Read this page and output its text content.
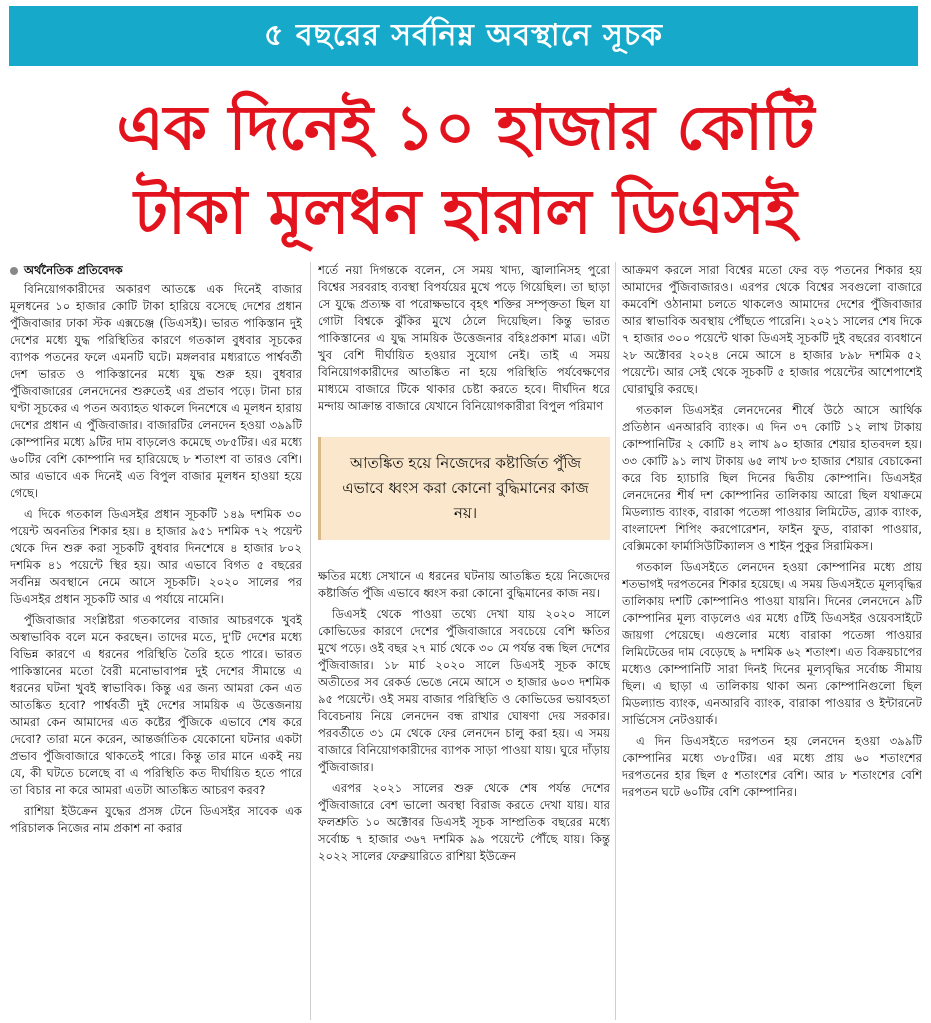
৫ বছরের সর্বনিম্ন অবস্থানে সূচক
এক দিনেই ১০ হাজার কোটি
টাকা মূলধন হারাল ডিএসই
অর্থনৈতিক প্রতিবেদক

বিনিয়োগকারীদের অকারণ আতঙ্কে এক দিনেই বাজার মূলধনের ১০ হাজার কোটি টাকা হারিয়ে বসেছে দেশের প্রধান পুঁজিবাজার ঢাকা স্টক এক্সচেঞ্জ (ডিএসই)। ভারত পাকিস্তান দুই দেশের মধ্যে যুদ্ধ পরিস্থিতির কারণে গতকাল বুধবার সূচকের ব্যাপক পতনের ফলে এমনটি ঘটে। মঙ্গলবার মধ্যরাতে পার্শ্ববর্তী দেশ ভারত ও পাকিস্তানের মধ্যে যুদ্ধ শুরু হয়। বুধবার পুঁজিবাজারের লেনদেনের শুরুতেই এর প্রভাব পড়ে। টানা চার ঘণ্টা সূচকের এ পতন অব্যাহত থাকলে দিনশেষে এ মূলধন হারায় দেশের প্রধান এ পুঁজিবাজার। বাজারটির লেনদেন হওয়া ৩৯৯টি কোম্পানির মধ্যে ৯টির দাম বাড়লেও কমেছে ৩৮৫টির। এর মধ্যে ৬০টির বেশি কোম্পানি দর হারিয়েছে ৮ শতাংশ বা তারও বেশি। আর এভাবে এক দিনেই এত বিপুল বাজার মূলধন হাওয়া হয়ে গেছে।

এ দিকে গতকাল ডিএসইর প্রধান সূচকটি ১৪৯ দশমিক ৩০ পয়েন্ট অবনতির শিকার হয়। ৪ হাজার ৯৫১ দশমিক ৭২ পয়েন্ট থেকে দিন শুরু করা সূচকটি বুধবার দিনশেষে ৪ হাজার ৮০২ দশমিক ৪১ পয়েন্টে স্থির হয়। আর এভাবে বিগত ৫ বছরের সর্বনিম্ন অবস্থানে নেমে আসে সূচকটি। ২০২০ সালের পর ডিএসইর প্রধান সূচকটি আর এ পর্যায়ে নামেনি।

পুঁজিবাজার সংশ্লিষ্টরা গতকালের বাজার আচরণকে খুবই অস্বাভাবিক বলে মনে করছেন। তাদের মতে, দু'টি দেশের মধ্যে বিভিন্ন কারণে এ ধরনের পরিস্থিতি তৈরি হতে পারে। ভারত পাকিস্তানের মতো বৈরী মনোভাবাপন্ন দুই দেশের সীমান্তে এ ধরনের ঘটনা খুবই স্বাভাবিক। কিন্তু এর জন্য আমরা কেন এত আতঙ্কিত হবো? পার্শ্ববর্তী দুই দেশের সাময়িক এ উত্তেজনায় আমরা কেন আমাদের এত কষ্টের পুঁজিকে এভাবে শেষ করে দেবো? তারা মনে করেন, আন্তর্জাতিক যেকোনো ঘটনার একটা প্রভাব পুঁজিবাজারে থাকতেই পারে। কিন্তু তার মানে একই নয় যে, কী ঘটতে চলেছে বা এ পরিস্থিতি কত দীর্ঘায়িত হতে পারে তা বিচার না করে আমরা এতটা আতঙ্কিত আচরণ করব?

রাশিয়া ইউক্রেন যুদ্ধের প্রসঙ্গ টেনে ডিএসইর সাবেক এক পরিচালক নিজের নাম প্রকাশ না করার

শর্তে নয়া দিগন্তকে বলেন, সে সময় খাদ্য, জ্বালানিসহ পুরো বিশ্বের সরবরাহ ব্যবস্থা বিপর্যয়ের মুখে পড়ে গিয়েছিল। তা ছাড়া সে যুদ্ধে প্রত্যক্ষ বা পরোক্ষভাবে বৃহৎ শক্তির সম্পৃক্ততা ছিল যা গোটা বিশ্বকে ঝুঁকির মুখে ঠেলে দিয়েছিল। কিন্তু ভারত পাকিস্তানের এ যুদ্ধ সাময়িক উত্তেজনার বহিঃপ্রকাশ মাত্র। এটা খুব বেশি দীর্ঘায়িত হওয়ার সুযোগ নেই। তাই এ সময় বিনিয়োগকারীদের আতঙ্কিত না হয়ে পরিস্থিতি পর্যবেক্ষণের মাধ্যমে বাজারে টিকে থাকার চেষ্টা করতে হবে। দীর্ঘদিন ধরে মন্দায় আক্রান্ত বাজারে যেখানে বিনিয়োগকারীরা বিপুল পরিমাণ

আতঙ্কিত হয়ে নিজেদের কষ্টার্জিত পুঁজি এভাবে ধ্বংস করা কোনো বুদ্ধিমানের কাজ নয়।

ক্ষতির মধ্যে সেখানে এ ধরনের ঘটনায় আতঙ্কিত হয়ে নিজেদের কষ্টার্জিত পুঁজি এভাবে ধ্বংস করা কোনো বুদ্ধিমানের কাজ নয়।

ডিএসই থেকে পাওয়া তথ্যে দেখা যায় ২০২০ সালে কোভিডের কারণে দেশের পুঁজিবাজারে সবচেয়ে বেশি ক্ষতির মুখে পড়ে। ওই বছর ২৭ মার্চ থেকে ৩০ মে পর্যন্ত বন্ধ ছিল দেশের পুঁজিবাজার। ১৮ মার্চ ২০২০ সালে ডিএসই সূচক কাছে অতীতের সব রেকর্ড ভেঙে নেমে আসে ৩ হাজার ৬০৩ দশমিক ৯৫ পয়েন্টে। ওই সময় বাজার পরিস্থিতি ও কোভিডের ভয়াবহতা বিবেচনায় নিয়ে লেনদেন বন্ধ রাখার ঘোষণা দেয় সরকার। পরবর্তীতে ৩১ মে থেকে ফের লেনদেন চালু করা হয়। এ সময় বাজারে বিনিয়োগকারীদের ব্যাপক সাড়া পাওয়া যায়। ঘুরে দাঁড়ায় পুঁজিবাজার।

এরপর ২০২১ সালের শুরু থেকে শেষ পর্যন্ত দেশের পুঁজিবাজারে বেশ ভালো অবস্থা বিরাজ করতে দেখা যায়। যার ফলশ্রুতি ১০ অক্টোবর ডিএসই সূচক সাম্প্রতিক বছরের মধ্যে সর্বোচ্চ ৭ হাজার ৩৬৭ দশমিক ৯৯ পয়েন্টে পৌঁছে যায়। কিন্তু ২০২২ সালের ফেব্রুয়ারিতে রাশিয়া ইউক্রেন

আক্রমণ করলে সারা বিশ্বের মতো ফের বড় পতনের শিকার হয় আমাদের পুঁজিবাজারও। এরপর থেকে বিশ্বের সবগুলো বাজারে কমবেশি ওঠানামা চলতে থাকলেও আমাদের দেশের পুঁজিবাজার আর স্বাভাবিক অবস্থায় পৌঁছতে পারেনি। ২০২১ সালের শেষ দিকে ৭ হাজার ৩০০ পয়েন্টে থাকা ডিএসই সূচকটি দুই বছরের ব্যবধানে ২৮ অক্টোবর ২০২৪ নেমে আসে ৪ হাজার ৮৯৮ দশমিক ৫২ পয়েন্টে। আর সেই থেকে সূচকটি ৫ হাজার পয়েন্টের আশেপাশেই ঘোরাঘুরি করছে।

গতকাল ডিএসইর লেনদেনের শীর্ষে উঠে আসে আর্থিক প্রতিষ্ঠান এনআরবি ব্যাংক। এ দিন ৩৭ কোটি ১২ লাখ টাকায় কোম্পানিটির ২ কোটি ৪২ লাখ ৯০ হাজার শেয়ার হাতবদল হয়। ৩৩ কোটি ৯১ লাখ টাকায় ৬৫ লাখ ৮৩ হাজার শেয়ার বেচাকেনা করে বিচ হ্যাচারি ছিল দিনের দ্বিতীয় কোম্পানি। ডিএসইর লেনদেনের শীর্ষ দশ কোম্পানির তালিকায় আরো ছিল যথাক্রমে মিডল্যান্ড ব্যাংক, বারাকা পতেঙ্গা পাওয়ার লিমিটেড, ব্র্যাক ব্যাংক, বাংলাদেশ শিপিং করপোরেশন, ফাইন ফুড, বারাকা পাওয়ার, বেক্সিমকো ফার্মাসিউটিক্যালস ও শাইন পুকুর সিরামিকস।

গতকাল ডিএসইতে লেনদেন হওয়া কোম্পানির মধ্যে প্রায় শতভাগই দরপতনের শিকার হয়েছে। এ সময় ডিএসইতে মূল্যবৃদ্ধির তালিকায় দশটি কোম্পানিও পাওয়া যায়নি। দিনের লেনদেনে ৯টি কোম্পানির মূল্য বাড়লেও এর মধ্যে ৫টিই ডিএসইর ওয়েবসাইটে জায়গা পেয়েছে। এগুলোর মধ্যে বারাকা পতেঙ্গা পাওয়ার লিমিটেডের দাম বেড়েছে ৯ দশমিক ৬২ শতাংশ। এত বিক্রয়চাপের মধ্যেও কোম্পানিটি সারা দিনই দিনের মূল্যবৃদ্ধির সর্বোচ্চ সীমায় ছিল। এ ছাড়া এ তালিকায় থাকা অন্য কোম্পানিগুলো ছিল মিডল্যান্ড ব্যাংক, এনআরবি ব্যাংক, বারাকা পাওয়ার ও ইন্টারনেট সার্ভিসেস নেটওয়ার্ক।

এ দিন ডিএসইতে দরপতন হয় লেনদেন হওয়া ৩৯৯টি কোম্পানির মধ্যে ৩৮৫টির। এর মধ্যে প্রায় ৬০ শতাংশের দরপতনের হার ছিল ৫ শতাংশের বেশি। আর ৮ শতাংশের বেশি দরপতন ঘটে ৬০টির বেশি কোম্পানির।
